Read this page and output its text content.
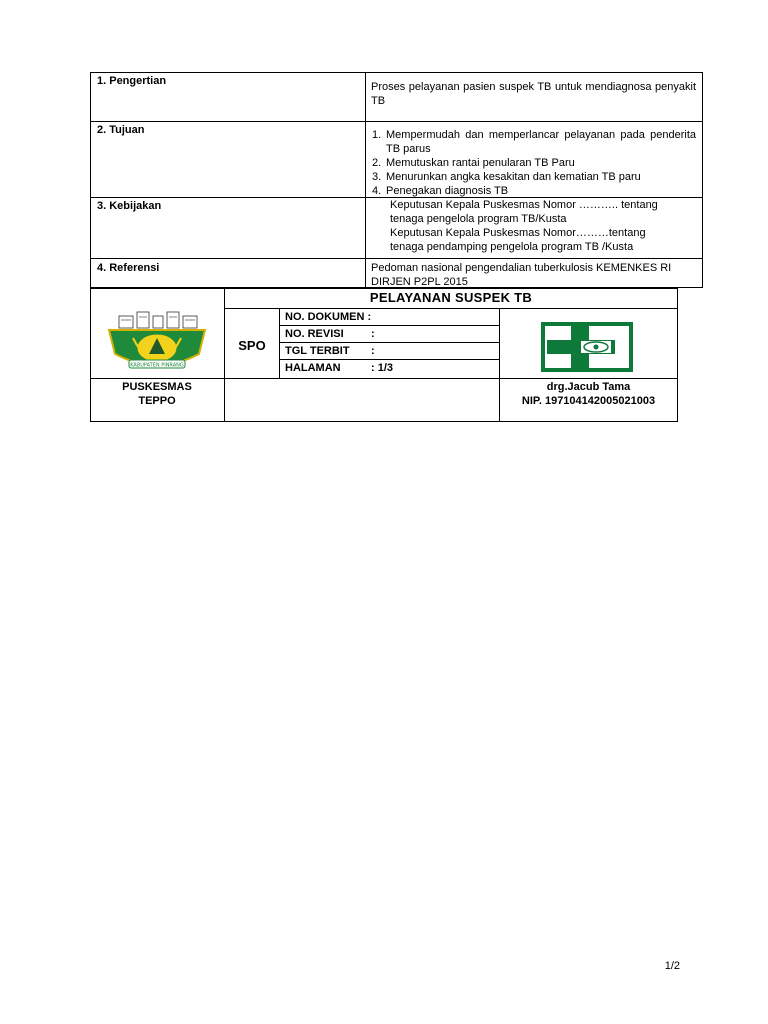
1. Pengertian	Proses pelayanan pasien suspek TB untuk mendiagnosa penyakit TB
2. Tujuan	1. Mempermudah dan memperlancar pelayanan pada penderita TB parus
2. Memutuskan rantai penularan TB Paru
3. Menurunkan angka kesakitan dan kematian TB paru
4. Penegakan diagnosis TB
3. Kebijakan	Keputusan Kepala Puskesmas Nomor ……….. tentang
tenaga pengelola program TB/Kusta
Keputusan Kepala Puskesmas Nomor………tentang
tenaga pendamping pengelola program TB /Kusta
4. Referensi	Pedoman nasional pengendalian tuberkulosis KEMENKES RI DIRJEN P2PL 2015
PELAYANAN SUSPEK TB
SPO
NO. DOKUMEN :
NO. REVISI :
TGL TERBIT :
HALAMAN	: 1/3
KABUPATEN PINRANG
PUSKESMAS
TEPPO
drg.Jacub Tama
NIP. 197104142005021003
1/2
